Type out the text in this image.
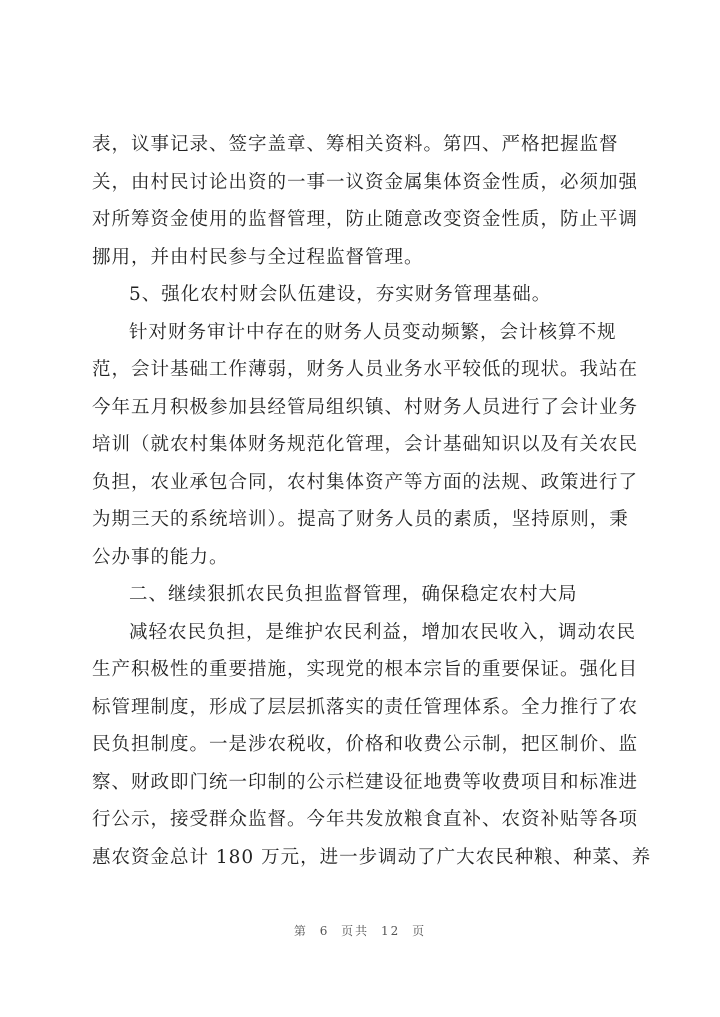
表，议事记录、签字盖章、筹相关资料。第四、严格把握监督
关，由村民讨论出资的一事一议资金属集体资金性质，必须加强
对所筹资金使用的监督管理，防止随意改变资金性质，防止平调
挪用，并由村民参与全过程监督管理。
5、强化农村财会队伍建设，夯实财务管理基础。
针对财务审计中存在的财务人员变动频繁，会计核算不规
范，会计基础工作薄弱，财务人员业务水平较低的现状。我站在
今年五月积极参加县经管局组织镇、村财务人员进行了会计业务
培训（就农村集体财务规范化管理，会计基础知识以及有关农民
负担，农业承包合同，农村集体资产等方面的法规、政策进行了
为期三天的系统培训）。提高了财务人员的素质，坚持原则，秉
公办事的能力。
二、继续狠抓农民负担监督管理，确保稳定农村大局
减轻农民负担，是维护农民利益，增加农民收入，调动农民
生产积极性的重要措施，实现党的根本宗旨的重要保证。强化目
标管理制度，形成了层层抓落实的责任管理体系。全力推行了农
民负担制度。一是涉农税收，价格和收费公示制，把区制价、监
察、财政即门统一印制的公示栏建设征地费等收费项目和标准进
行公示，接受群众监督。今年共发放粮食直补、农资补贴等各项
惠农资金总计 180 万元，进一步调动了广大农民种粮、种菜、养
第 6 页共 12 页
